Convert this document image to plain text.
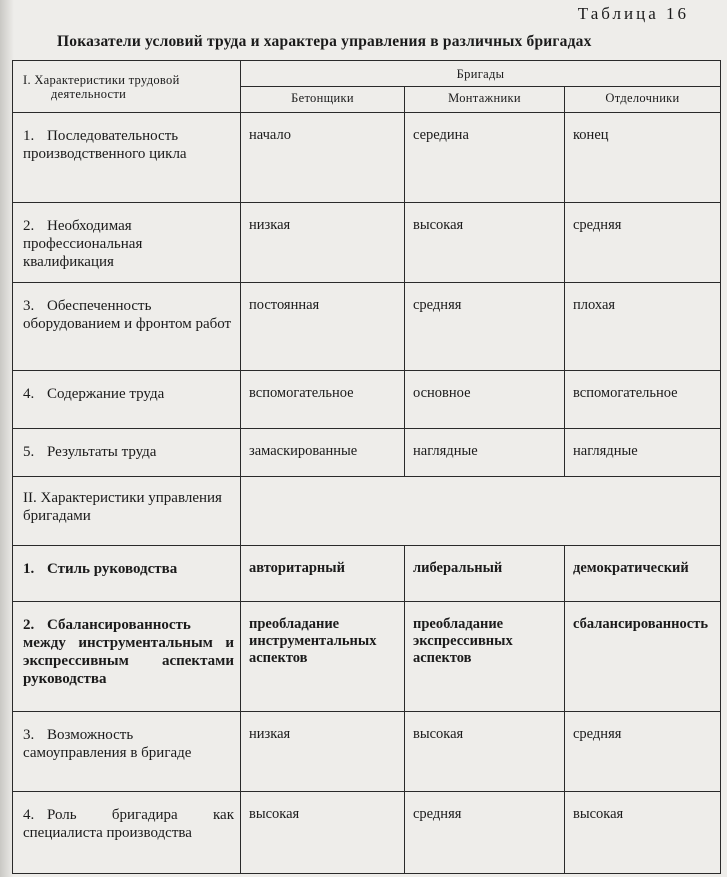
Таблица 16
Показатели условий труда и характера управления в различных бригадах
I. Характеристики трудовой
деятельности	Бригады		
	Бетонщики	Монтажники	Отделочники
1. Последовательность производственного цикла	начало	середина	конец
2. Необходимая профессиональная квалификация	низкая	высокая	средняя
3. Обеспеченность оборудованием и фронтом работ	постоянная	средняя	плохая
4. Содержание труда	вспомогательное	основное	вспомогательное
5. Результаты труда	замаскированные	наглядные	наглядные
II. Характеристики управления бригадами			
1. Стиль руководства	авторитарный	либеральный	демократический
2. Сбалансированность между инструментальным и экспрессивным аспектами руководства	преобладание инструментальных аспектов	преобладание экспрессивных аспектов	сбалансированность
3. Возможность самоуправления в бригаде	низкая	высокая	средняя
4. Роль бригадира как специалиста производства	высокая	средняя	высокая
